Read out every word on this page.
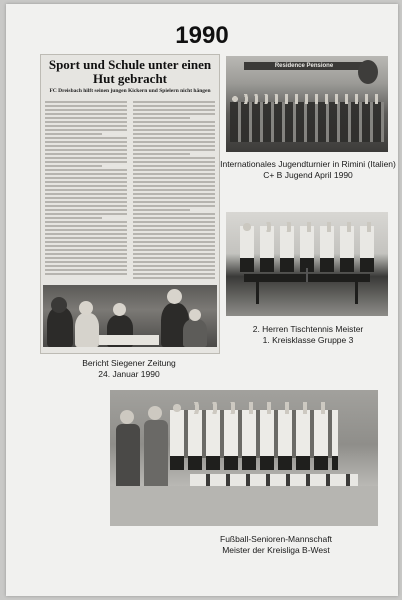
1990
Sport und Schule unter einen Hut gebracht
FC Dreisbach hilft seinen jungen Kickern und Spielern nicht hängen
Residence Pensione
Internationales Jugendturnier in Rimini (Italien) C+ B Jugend April 1990
2. Herren Tischtennis Meister
1. Kreisklasse Gruppe 3
Bericht Siegener Zeitung
24. Januar 1990
Fußball-Senioren-Mannschaft
Meister der Kreisliga B-West
